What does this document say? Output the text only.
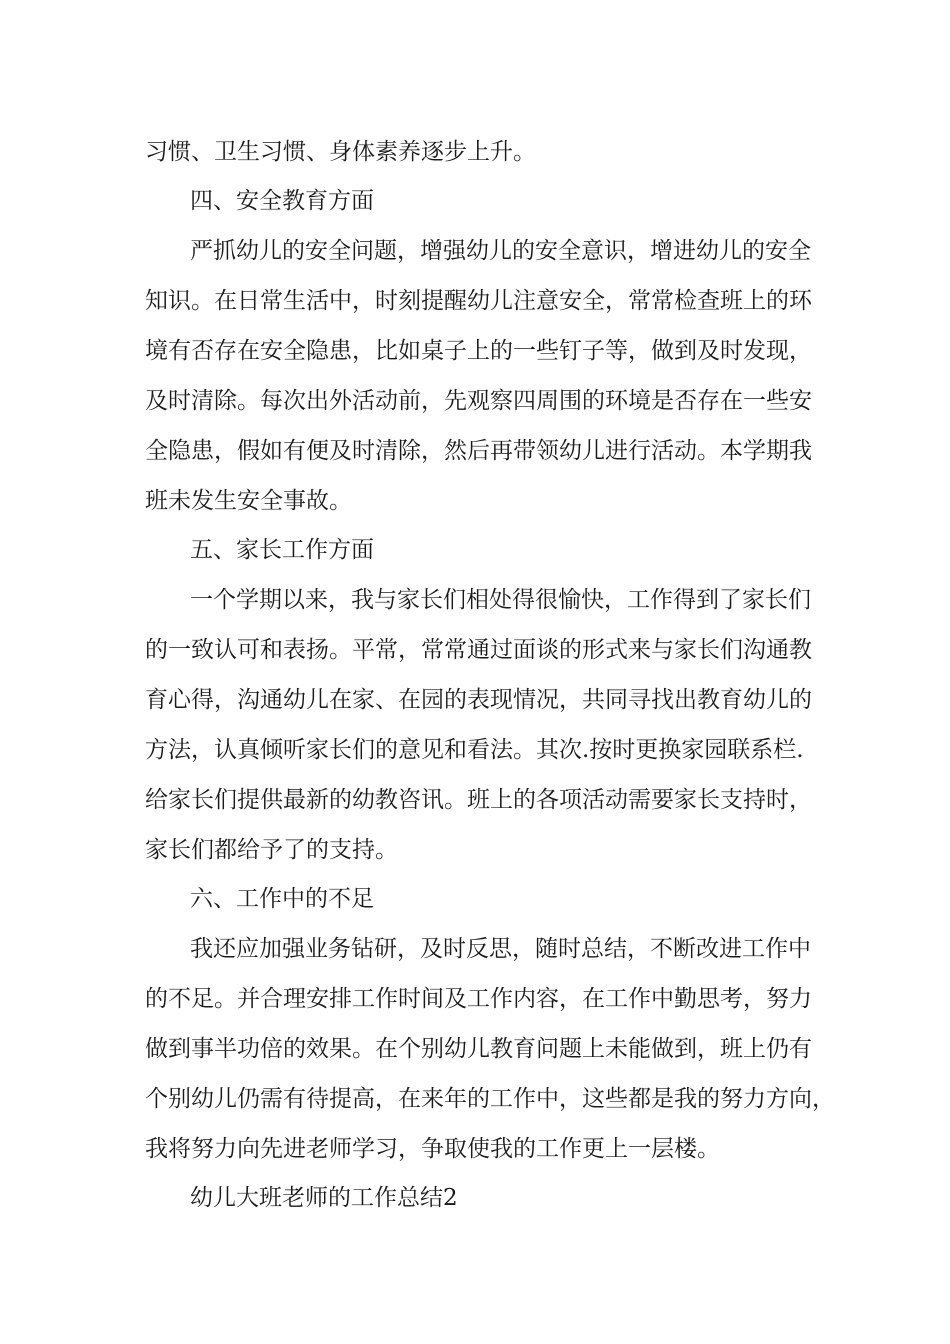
习惯、卫生习惯、身体素养逐步上升。
四、安全教育方面
严抓幼儿的安全问题，增强幼儿的安全意识，增进幼儿的安全
知识。在日常生活中，时刻提醒幼儿注意安全，常常检查班上的环
境有否存在安全隐患，比如桌子上的一些钉子等，做到及时发现，
及时清除。每次出外活动前，先观察四周围的环境是否存在一些安
全隐患，假如有便及时清除，然后再带领幼儿进行活动。本学期我
班未发生安全事故。
五、家长工作方面
一个学期以来，我与家长们相处得很愉快，工作得到了家长们
的一致认可和表扬。平常，常常通过面谈的形式来与家长们沟通教
育心得，沟通幼儿在家、在园的表现情况，共同寻找出教育幼儿的
方法，认真倾听家长们的意见和看法。其次.按时更换家园联系栏.
给家长们提供最新的幼教咨讯。班上的各项活动需要家长支持时，
家长们都给予了的支持。
六、工作中的不足
我还应加强业务钻研，及时反思，随时总结，不断改进工作中
的不足。并合理安排工作时间及工作内容，在工作中勤思考，努力
做到事半功倍的效果。在个别幼儿教育问题上未能做到，班上仍有
个别幼儿仍需有待提高，在来年的工作中，这些都是我的努力方向，
我将努力向先进老师学习，争取使我的工作更上一层楼。
幼儿大班老师的工作总结2
